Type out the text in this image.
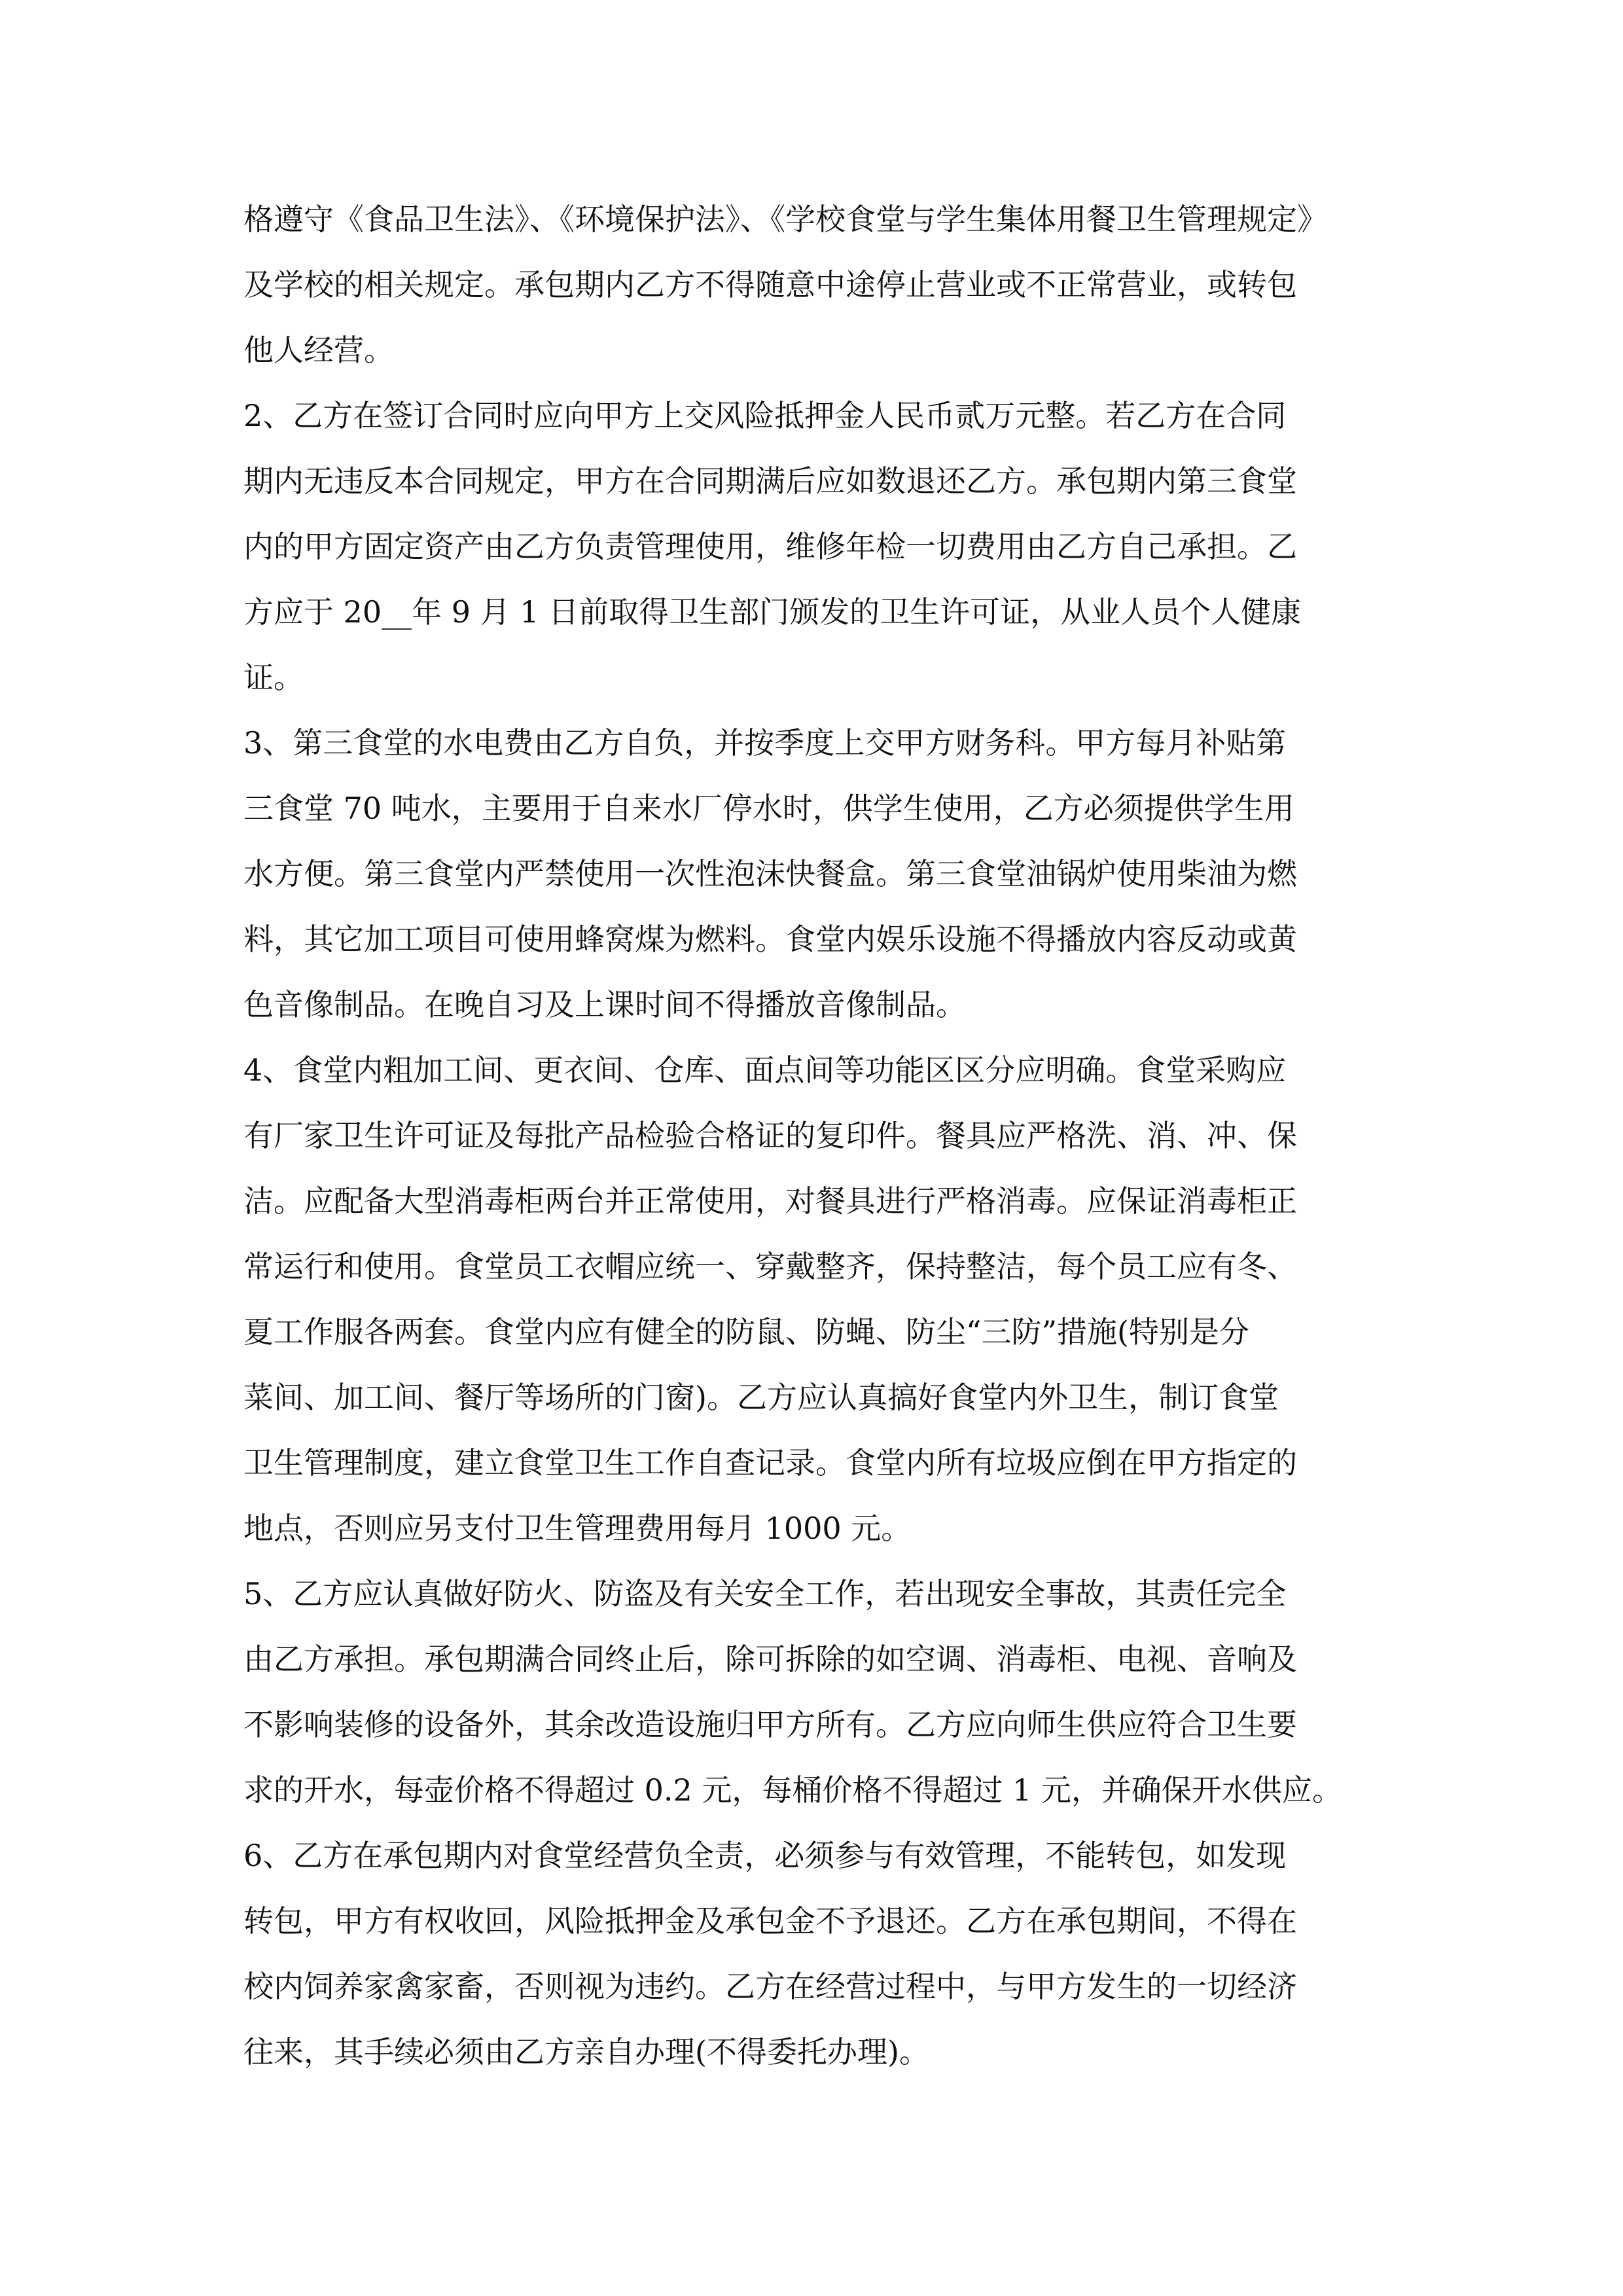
格遵守《食品卫生法》、《环境保护法》、《学校食堂与学生集体用餐卫生管理规定》
及学校的相关规定。承包期内乙方不得随意中途停止营业或不正常营业，或转包
他人经营。

2、乙方在签订合同时应向甲方上交风险抵押金人民币贰万元整。若乙方在合同
期内无违反本合同规定，甲方在合同期满后应如数退还乙方。承包期内第三食堂
内的甲方固定资产由乙方负责管理使用，维修年检一切费用由乙方自己承担。乙
方应于 20__年 9 月 1 日前取得卫生部门颁发的卫生许可证，从业人员个人健康
证。

3、第三食堂的水电费由乙方自负，并按季度上交甲方财务科。甲方每月补贴第
三食堂 70 吨水，主要用于自来水厂停水时，供学生使用，乙方必须提供学生用
水方便。第三食堂内严禁使用一次性泡沫快餐盒。第三食堂油锅炉使用柴油为燃
料，其它加工项目可使用蜂窝煤为燃料。食堂内娱乐设施不得播放内容反动或黄
色音像制品。在晚自习及上课时间不得播放音像制品。

4、食堂内粗加工间、更衣间、仓库、面点间等功能区区分应明确。食堂采购应
有厂家卫生许可证及每批产品检验合格证的复印件。餐具应严格洗、消、冲、保
洁。应配备大型消毒柜两台并正常使用，对餐具进行严格消毒。应保证消毒柜正
常运行和使用。食堂员工衣帽应统一、穿戴整齐，保持整洁，每个员工应有冬、
夏工作服各两套。食堂内应有健全的防鼠、防蝇、防尘“三防”措施(特别是分
菜间、加工间、餐厅等场所的门窗)。乙方应认真搞好食堂内外卫生，制订食堂
卫生管理制度，建立食堂卫生工作自查记录。食堂内所有垃圾应倒在甲方指定的
地点，否则应另支付卫生管理费用每月 1000 元。

5、乙方应认真做好防火、防盗及有关安全工作，若出现安全事故，其责任完全
由乙方承担。承包期满合同终止后，除可拆除的如空调、消毒柜、电视、音响及
不影响装修的设备外，其余改造设施归甲方所有。乙方应向师生供应符合卫生要
求的开水，每壶价格不得超过 0.2 元，每桶价格不得超过 1 元，并确保开水供应。

6、乙方在承包期内对食堂经营负全责，必须参与有效管理，不能转包，如发现
转包，甲方有权收回，风险抵押金及承包金不予退还。乙方在承包期间，不得在
校内饲养家禽家畜，否则视为违约。乙方在经营过程中，与甲方发生的一切经济
往来，其手续必须由乙方亲自办理(不得委托办理)。
